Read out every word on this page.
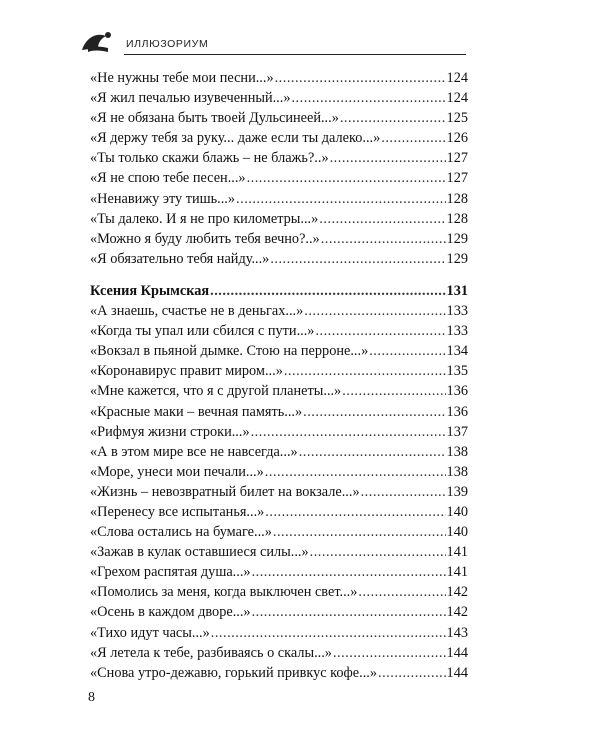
ИЛЛЮЗОРИУМ
«Не нужны тебе мои песни...» .....	124
«Я жил печалью изувеченный...» .....	124
«Я не обязана быть твоей Дульсинеей...» .....	125
«Я держу тебя за руку... даже если ты далеко...» .....	126
«Ты только скажи блажь – не блажь?..» .....	127
«Я не спою тебе песен...» .....	127
«Ненавижу эту тишь...» .....	128
«Ты далеко. И я не про километры...» .....	128
«Можно я буду любить тебя вечно?..» .....	129
«Я обязательно тебя найду...» .....	129
Ксения Крымская .....	131
«А знаешь, счастье не в деньгах...» .....	133
«Когда ты упал или сбился с пути...» .....	133
«Вокзал в пьяной дымке. Стою на перроне...» .....	134
«Коронавирус правит миром...» .....	135
«Мне кажется, что я с другой планеты...» .....	136
«Красные маки – вечная память...» .....	136
«Рифмуя жизни строки...» .....	137
«А в этом мире все не навсегда...» .....	138
«Море, унеси мои печали...» .....	138
«Жизнь – невозвратный билет на вокзале...» .....	139
«Перенесу все испытанья...» .....	140
«Слова остались на бумаге...» .....	140
«Зажав в кулак оставшиеся силы...» .....	141
«Грехом распятая душа...» .....	141
«Помолись за меня, когда выключен свет...» .....	142
«Осень в каждом дворе...» .....	142
«Тихо идут часы...» .....	143
«Я летела к тебе, разбиваясь о скалы...» .....	144
«Снова утро-дежавю, горький привкус кофе...» .....	144
8
